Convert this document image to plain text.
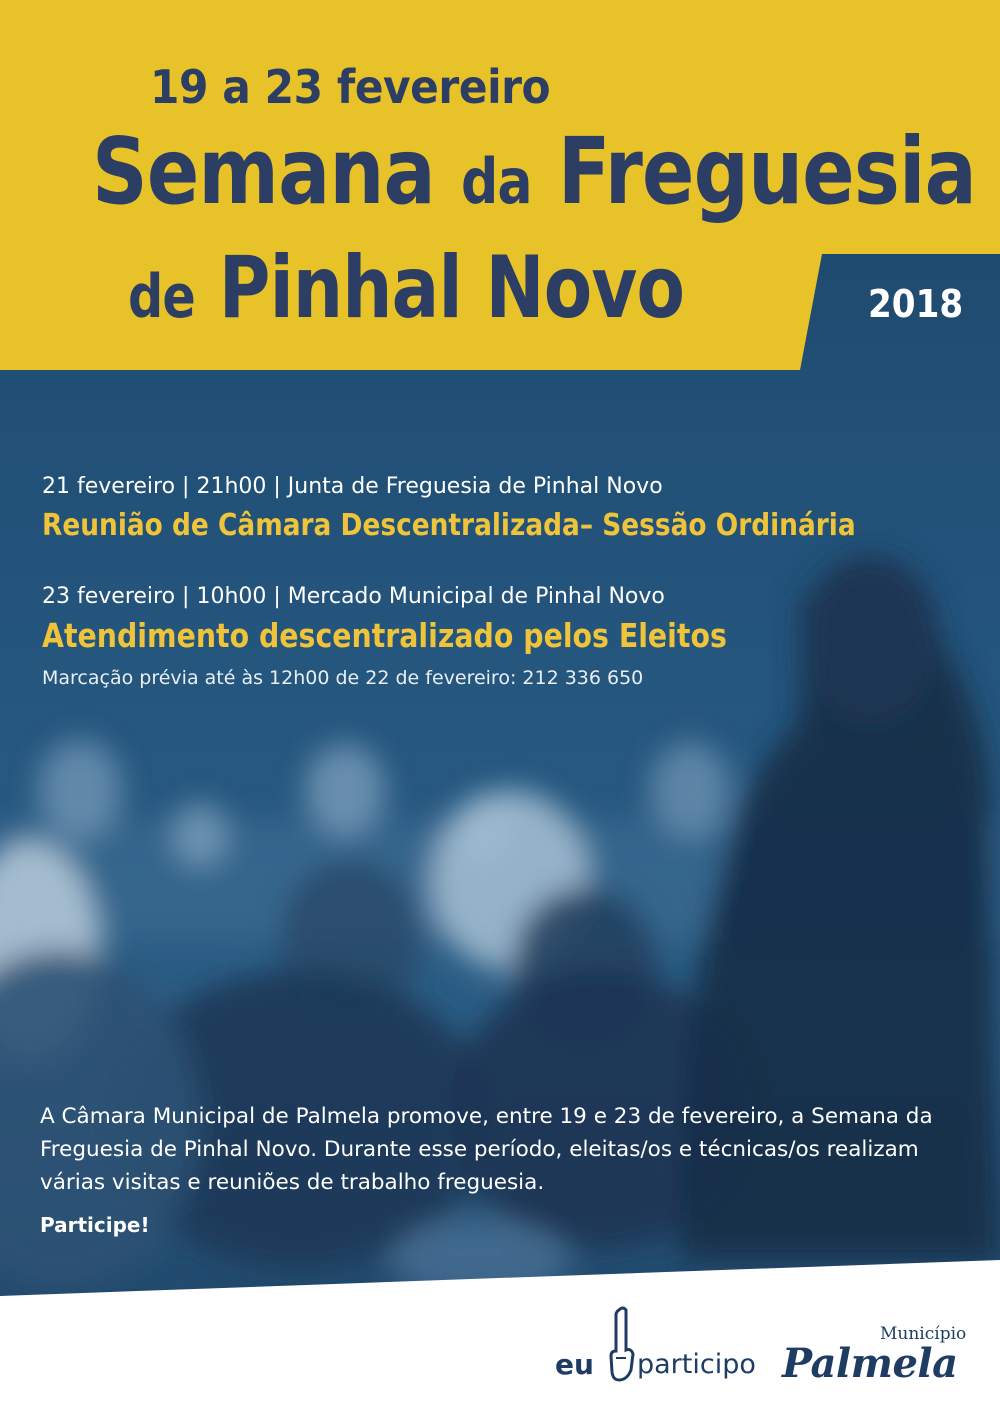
19 a 23 fevereiro

Semana da Freguesia

de Pinhal Novo	2018

21 fevereiro | 21h00 | Junta de Freguesia de Pinhal Novo

Reunião de Câmara Descentralizada– Sessão Ordinária

23 fevereiro | 10h00 | Mercado Municipal de Pinhal Novo

Atendimento descentralizado pelos Eleitos

Marcação prévia até às 12h00 de 22 de fevereiro: 212 336 650

A Câmara Municipal de Palmela promove, entre 19 e 23 de fevereiro, a Semana da Freguesia de Pinhal Novo. Durante esse período, eleitas/os e técnicas/os realizam várias visitas e reuniões de trabalho freguesia.

Participe!

eu participo

Município

Palmela
